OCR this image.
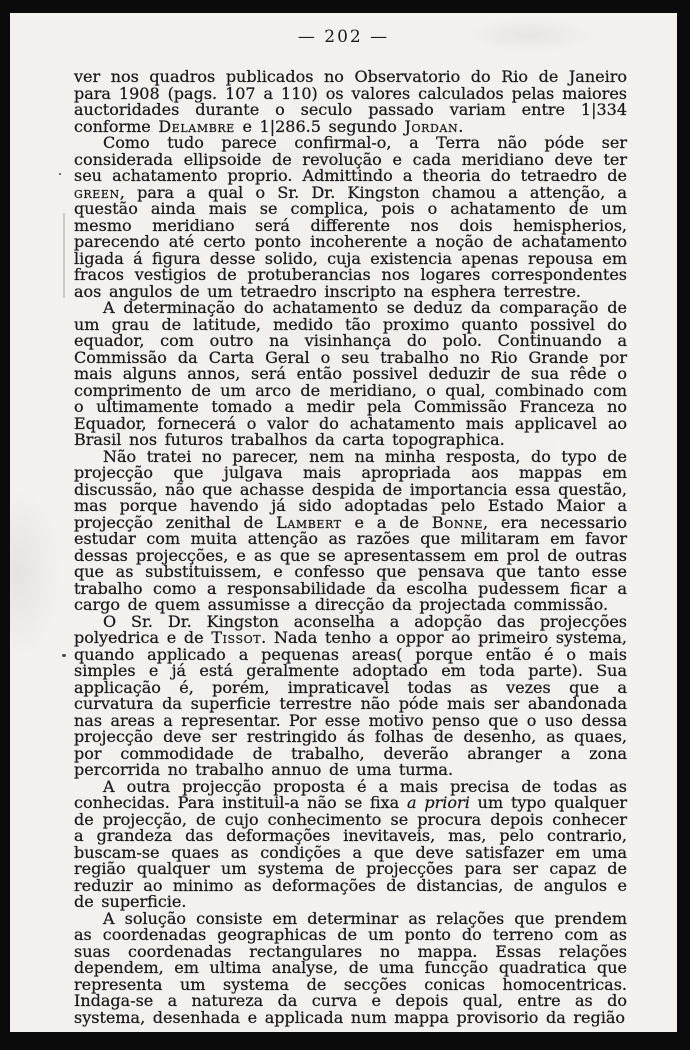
— 202 —

ver nos quadros publicados no Observatorio do Rio de Janeiro para 1908 (pags. 107 a 110) os valores calculados pelas maiores auctoridades durante o seculo passado variam entre 1|334 conforme Delambre e 1|286.5 segundo Jordan.

Como tudo parece confirmal-o, a Terra não póde ser considerada ellipsoide de revolução e cada meridiano deve ter seu achatamento proprio. Admittindo a theoria do tetraedro de green, para a qual o Sr. Dr. Kingston chamou a attenção, a questão ainda mais se complica, pois o achatamento de um mesmo meridiano será differente nos dois hemispherios, parecendo até certo ponto incoherente a noção de achatamento ligada á figura desse solido, cuja existencia apenas repousa em fracos vestigios de protuberancias nos logares correspondentes aos angulos de um tetraedro inscripto na esphera terrestre.

A determinação do achatamento se deduz da comparação de um grau de latitude, medido tão proximo quanto possivel do equador, com outro na visinhança do polo. Continuando a Commissão da Carta Geral o seu trabalho no Rio Grande por mais alguns annos, será então possivel deduzir de sua rêde o comprimento de um arco de meridiano, o qual, combinado com o ultimamente tomado a medir pela Commissão Franceza no Equador, fornecerá o valor do achatamento mais applicavel ao Brasil nos futuros trabalhos da carta topographica.

Não tratei no parecer, nem na minha resposta, do typo de projecção que julgava mais apropriada aos mappas em discussão, não que achasse despida de importancia essa questão, mas porque havendo já sido adoptadas pelo Estado Maior a projecção zenithal de Lambert e a de Bonne, era necessario estudar com muita attenção as razões que militaram em favor dessas projecções, e as que se apresentassem em prol de outras que as substituissem, e confesso que pensava que tanto esse trabalho como a responsabilidade da escolha pudessem ficar a cargo de quem assumisse a direcção da projectada commissão.

O Sr. Dr. Kingston aconselha a adopção das projecções polyedrica e de Tissot. Nada tenho a oppor ao primeiro systema, quando applicado a pequenas areas( porque então é o mais simples e já está geralmente adoptado em toda parte). Sua applicação é, porém, impraticavel todas as vezes que a curvatura da superficie terrestre não póde mais ser abandonada nas areas a representar. Por esse motivo penso que o uso dessa projecção deve ser restringido ás folhas de desenho, as quaes, por commodidade de trabalho, deverão abranger a zona percorrida no trabalho annuo de uma turma.

A outra projecção proposta é a mais precisa de todas as conhecidas. Para instituil-a não se fixa a priori um typo qualquer de projecção, de cujo conhecimento se procura depois conhecer a grandeza das deformações inevitaveis, mas, pelo contrario, buscam-se quaes as condições a que deve satisfazer em uma região qualquer um systema de projecções para ser capaz de reduzir ao minimo as deformações de distancias, de angulos e de superficie.

A solução consiste em determinar as relações que prendem as coordenadas geographicas de um ponto do terreno com as suas coordenadas rectangulares no mappa. Essas relações dependem, em ultima analyse, de uma funcção quadratica que representa um systema de secções conicas homocentricas. Indaga-se a natureza da curva e depois qual, entre as do systema, desenhada e applicada num mappa provisorio da região
